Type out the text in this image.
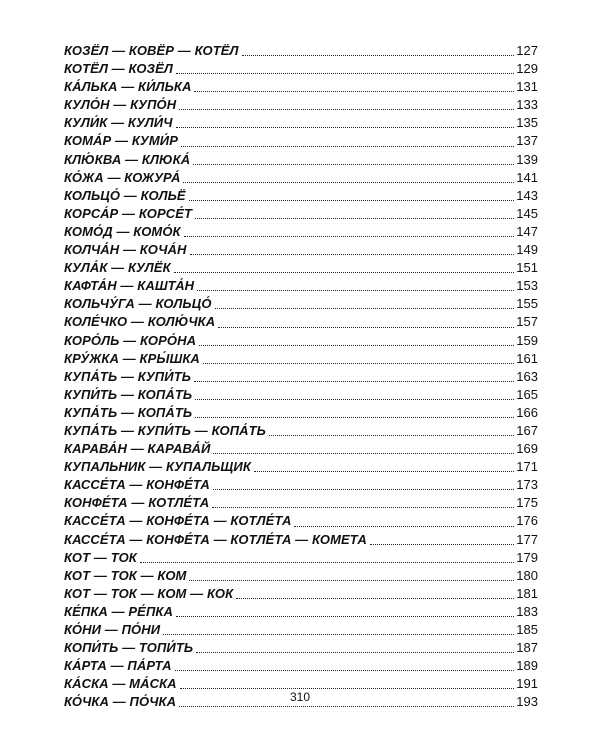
КОЗЁЛ — КОВЁР — КОТЁЛ	127
КОТЁЛ — КОЗЁЛ	129
КА́ЛЬКА — КИ́ЛЬКА	131
КУЛО́Н — КУПО́Н	133
КУЛИ́К — КУЛИ́Ч	135
КОМА́Р — КУМИ́Р	137
КЛЮ́КВА — КЛЮКА́	139
КО́ЖА — КОЖУРА́	141
КОЛЬЦО́ — КОЛЬЁ	143
КОРСА́Р — КОРСЕ́Т	145
КОМО́Д — КОМО́К	147
КОЛЧА́Н — КОЧА́Н	149
КУЛА́К — КУЛЁК	151
КАФТА́Н — КАШТА́Н	153
КОЛЬЧУ́ГА — КОЛЬЦО́	155
КОЛЕ́ЧКО — КОЛЮ́ЧКА	157
КОРО́ЛЬ — КОРО́НА	159
КРУ́ЖКА — КРЫ́ШКА	161
КУПА́ТЬ — КУПИ́ТЬ	163
КУПИ́ТЬ — КОПА́ТЬ	165
КУПА́ТЬ — КОПА́ТЬ	166
КУПА́ТЬ — КУПИ́ТЬ — КОПА́ТЬ	167
КАРАВА́Н — КАРАВА́Й	169
КУПАЛЬНИК — КУПАЛЬЩИК	171
КАССЕ́ТА — КОНФЕ́ТА	173
КОНФЕ́ТА — КОТЛЕ́ТА	175
КАССЕ́ТА — КОНФЕ́ТА — КОТЛЕ́ТА	176
КАССЕ́ТА — КОНФЕ́ТА — КОТЛЕ́ТА — КОМЕТА	177
КОТ — ТОК	179
КОТ — ТОК — КОМ	180
КОТ — ТОК — КОМ — КОК	181
КЕ́ПКА — РЕ́ПКА	183
КО́НИ — ПО́НИ	185
КОПИ́ТЬ — ТОПИ́ТЬ	187
КА́РТА — ПА́РТА	189
КА́СКА — МА́СКА	191
КО́ЧКА — ПО́ЧКА	193
310
